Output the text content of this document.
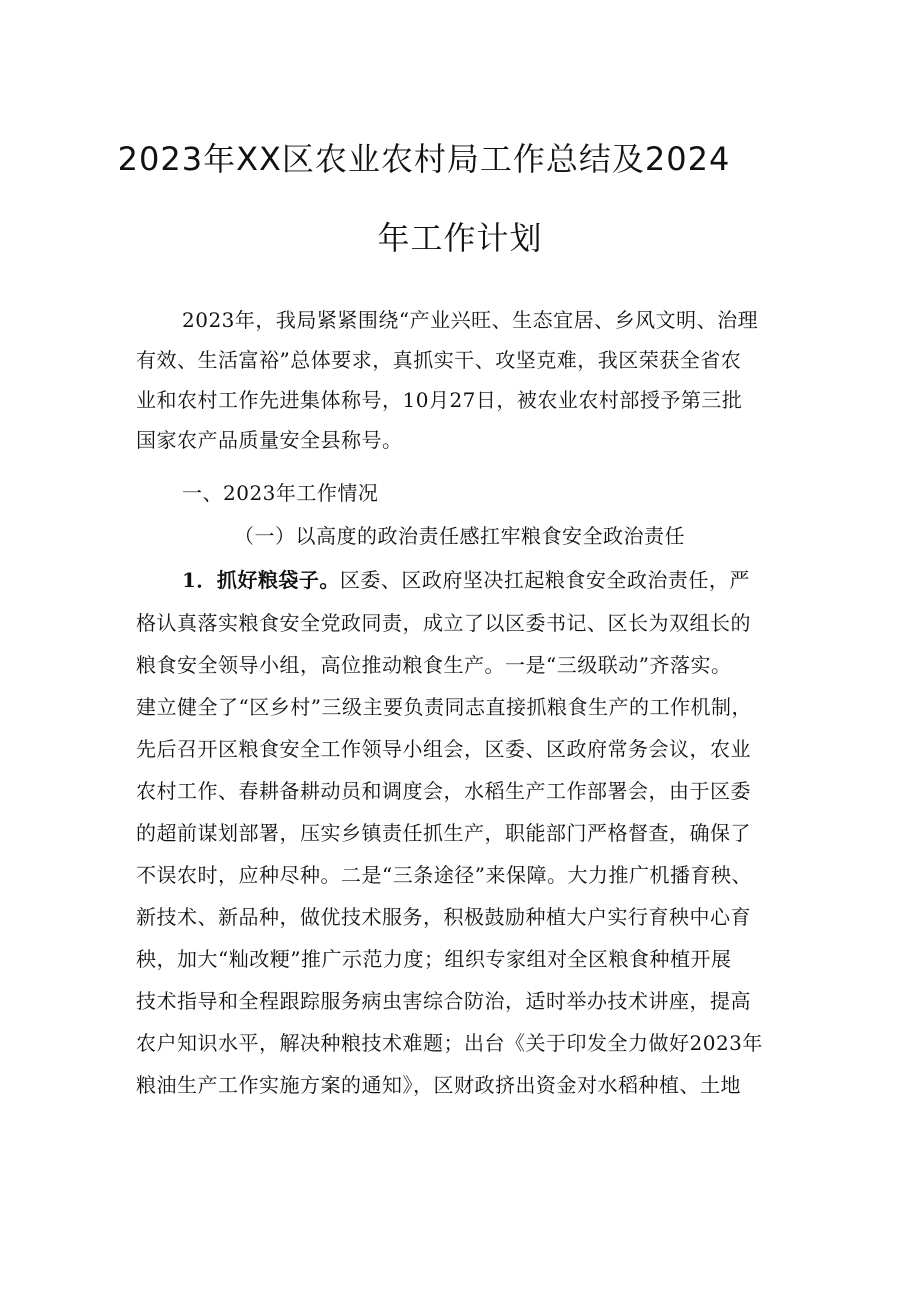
2023年XX区农业农村局工作总结及2024
年工作计划
2023年，我局紧紧围绕“产业兴旺、生态宜居、乡风文明、治理
有效、生活富裕”总体要求，真抓实干、攻坚克难，我区荣获全省农
业和农村工作先进集体称号，10月27日，被农业农村部授予第三批
国家农产品质量安全县称号。
一、2023年工作情况
（一）以高度的政治责任感扛牢粮食安全政治责任
1．抓好粮袋子。区委、区政府坚决扛起粮食安全政治责任，严
格认真落实粮食安全党政同责，成立了以区委书记、区长为双组长的
粮食安全领导小组，高位推动粮食生产。一是“三级联动”齐落实。
建立健全了“区乡村”三级主要负责同志直接抓粮食生产的工作机制，
先后召开区粮食安全工作领导小组会，区委、区政府常务会议，农业
农村工作、春耕备耕动员和调度会，水稻生产工作部署会，由于区委
的超前谋划部署，压实乡镇责任抓生产，职能部门严格督查，确保了
不误农时，应种尽种。二是“三条途径”来保障。大力推广机播育秧、
新技术、新品种，做优技术服务，积极鼓励种植大户实行育秧中心育
秧，加大“籼改粳”推广示范力度；组织专家组对全区粮食种植开展
技术指导和全程跟踪服务病虫害综合防治，适时举办技术讲座，提高
农户知识水平，解决种粮技术难题；出台《关于印发全力做好2023年
粮油生产工作实施方案的通知》，区财政挤出资金对水稻种植、土地
